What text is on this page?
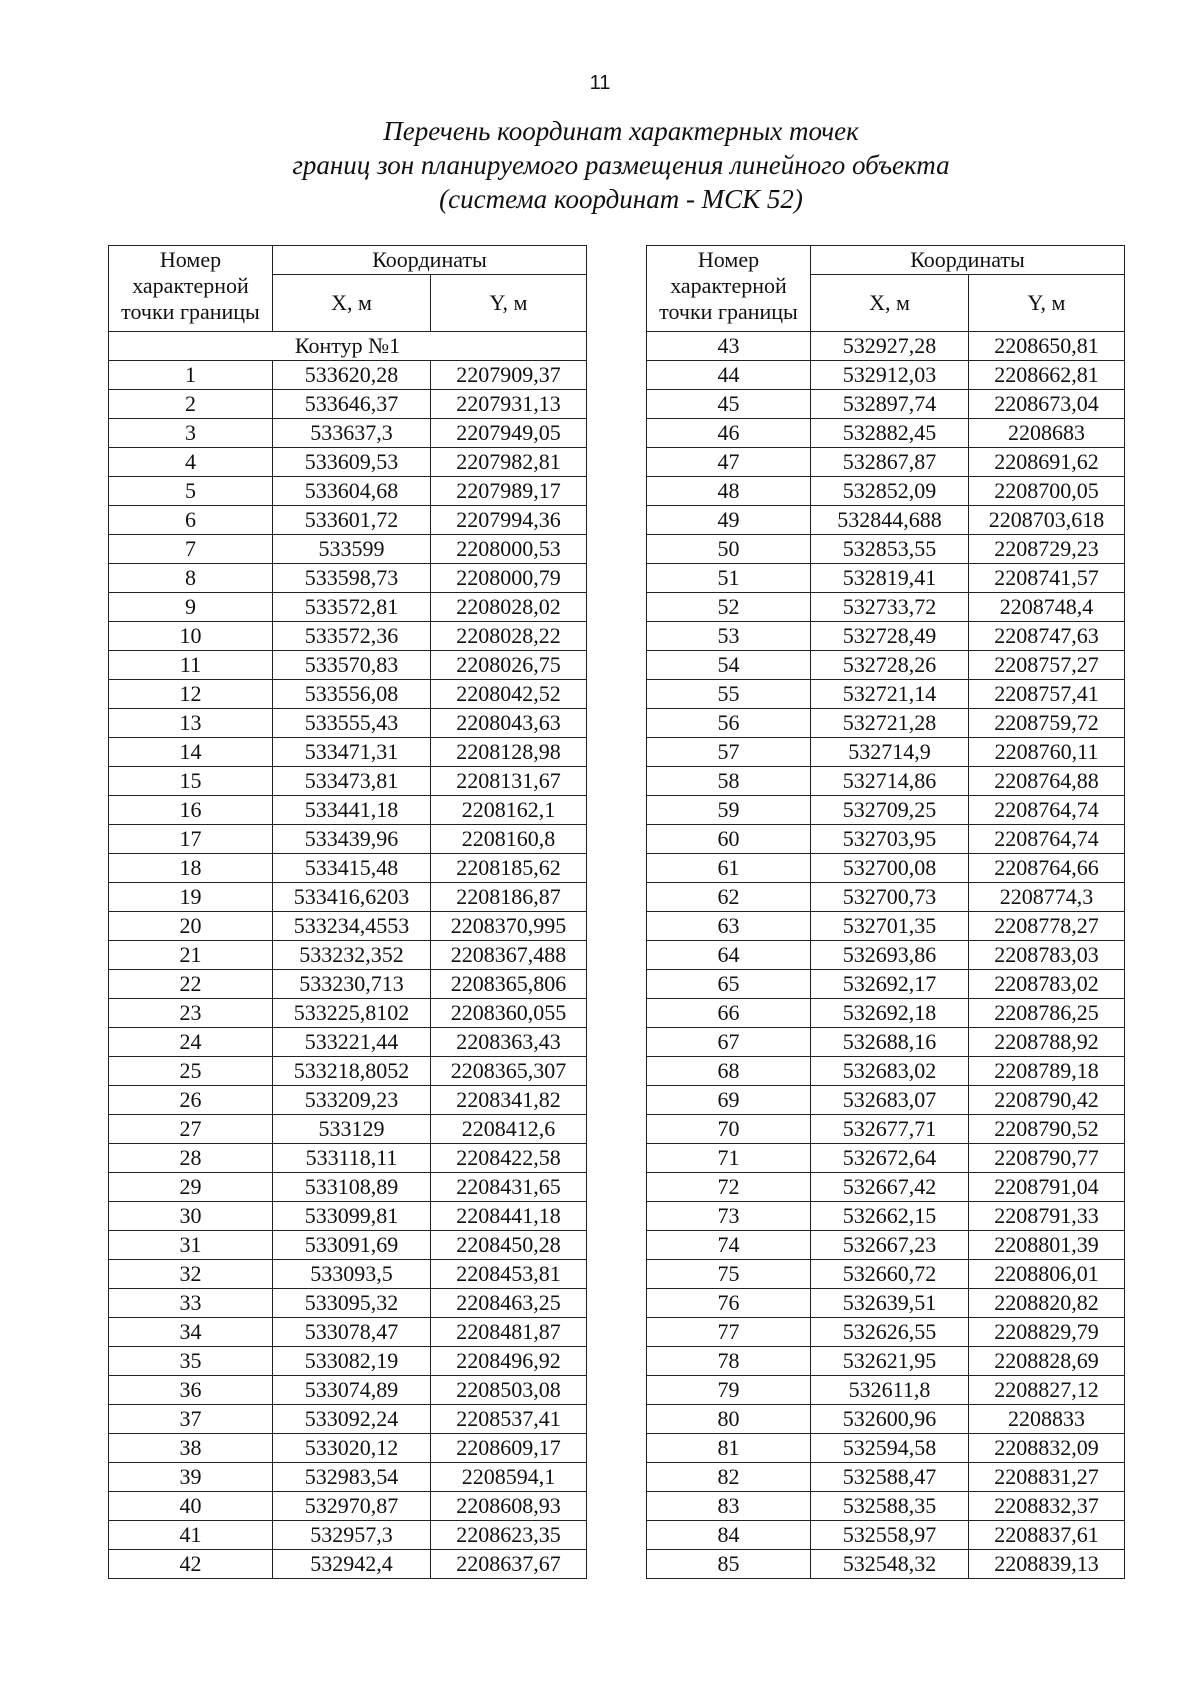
11
Перечень координат характерных точек
границ зон планируемого размещения линейного объекта
(система координат - МСК 52)
Номер
характерной
точки границы	Координаты	
	X, м	Y, м
Контур №1		
1	533620,28	2207909,37
2	533646,37	2207931,13
3	533637,3	2207949,05
4	533609,53	2207982,81
5	533604,68	2207989,17
6	533601,72	2207994,36
7	533599	2208000,53
8	533598,73	2208000,79
9	533572,81	2208028,02
10	533572,36	2208028,22
11	533570,83	2208026,75
12	533556,08	2208042,52
13	533555,43	2208043,63
14	533471,31	2208128,98
15	533473,81	2208131,67
16	533441,18	2208162,1
17	533439,96	2208160,8
18	533415,48	2208185,62
19	533416,6203	2208186,87
20	533234,4553	2208370,995
21	533232,352	2208367,488
22	533230,713	2208365,806
23	533225,8102	2208360,055
24	533221,44	2208363,43
25	533218,8052	2208365,307
26	533209,23	2208341,82
27	533129	2208412,6
28	533118,11	2208422,58
29	533108,89	2208431,65
30	533099,81	2208441,18
31	533091,69	2208450,28
32	533093,5	2208453,81
33	533095,32	2208463,25
34	533078,47	2208481,87
35	533082,19	2208496,92
36	533074,89	2208503,08
37	533092,24	2208537,41
38	533020,12	2208609,17
39	532983,54	2208594,1
40	532970,87	2208608,93
41	532957,3	2208623,35
42	532942,4	2208637,67
Номер
характерной
точки границы	Координаты	
	X, м	Y, м
43	532927,28	2208650,81
44	532912,03	2208662,81
45	532897,74	2208673,04
46	532882,45	2208683
47	532867,87	2208691,62
48	532852,09	2208700,05
49	532844,688	2208703,618
50	532853,55	2208729,23
51	532819,41	2208741,57
52	532733,72	2208748,4
53	532728,49	2208747,63
54	532728,26	2208757,27
55	532721,14	2208757,41
56	532721,28	2208759,72
57	532714,9	2208760,11
58	532714,86	2208764,88
59	532709,25	2208764,74
60	532703,95	2208764,74
61	532700,08	2208764,66
62	532700,73	2208774,3
63	532701,35	2208778,27
64	532693,86	2208783,03
65	532692,17	2208783,02
66	532692,18	2208786,25
67	532688,16	2208788,92
68	532683,02	2208789,18
69	532683,07	2208790,42
70	532677,71	2208790,52
71	532672,64	2208790,77
72	532667,42	2208791,04
73	532662,15	2208791,33
74	532667,23	2208801,39
75	532660,72	2208806,01
76	532639,51	2208820,82
77	532626,55	2208829,79
78	532621,95	2208828,69
79	532611,8	2208827,12
80	532600,96	2208833
81	532594,58	2208832,09
82	532588,47	2208831,27
83	532588,35	2208832,37
84	532558,97	2208837,61
85	532548,32	2208839,13
